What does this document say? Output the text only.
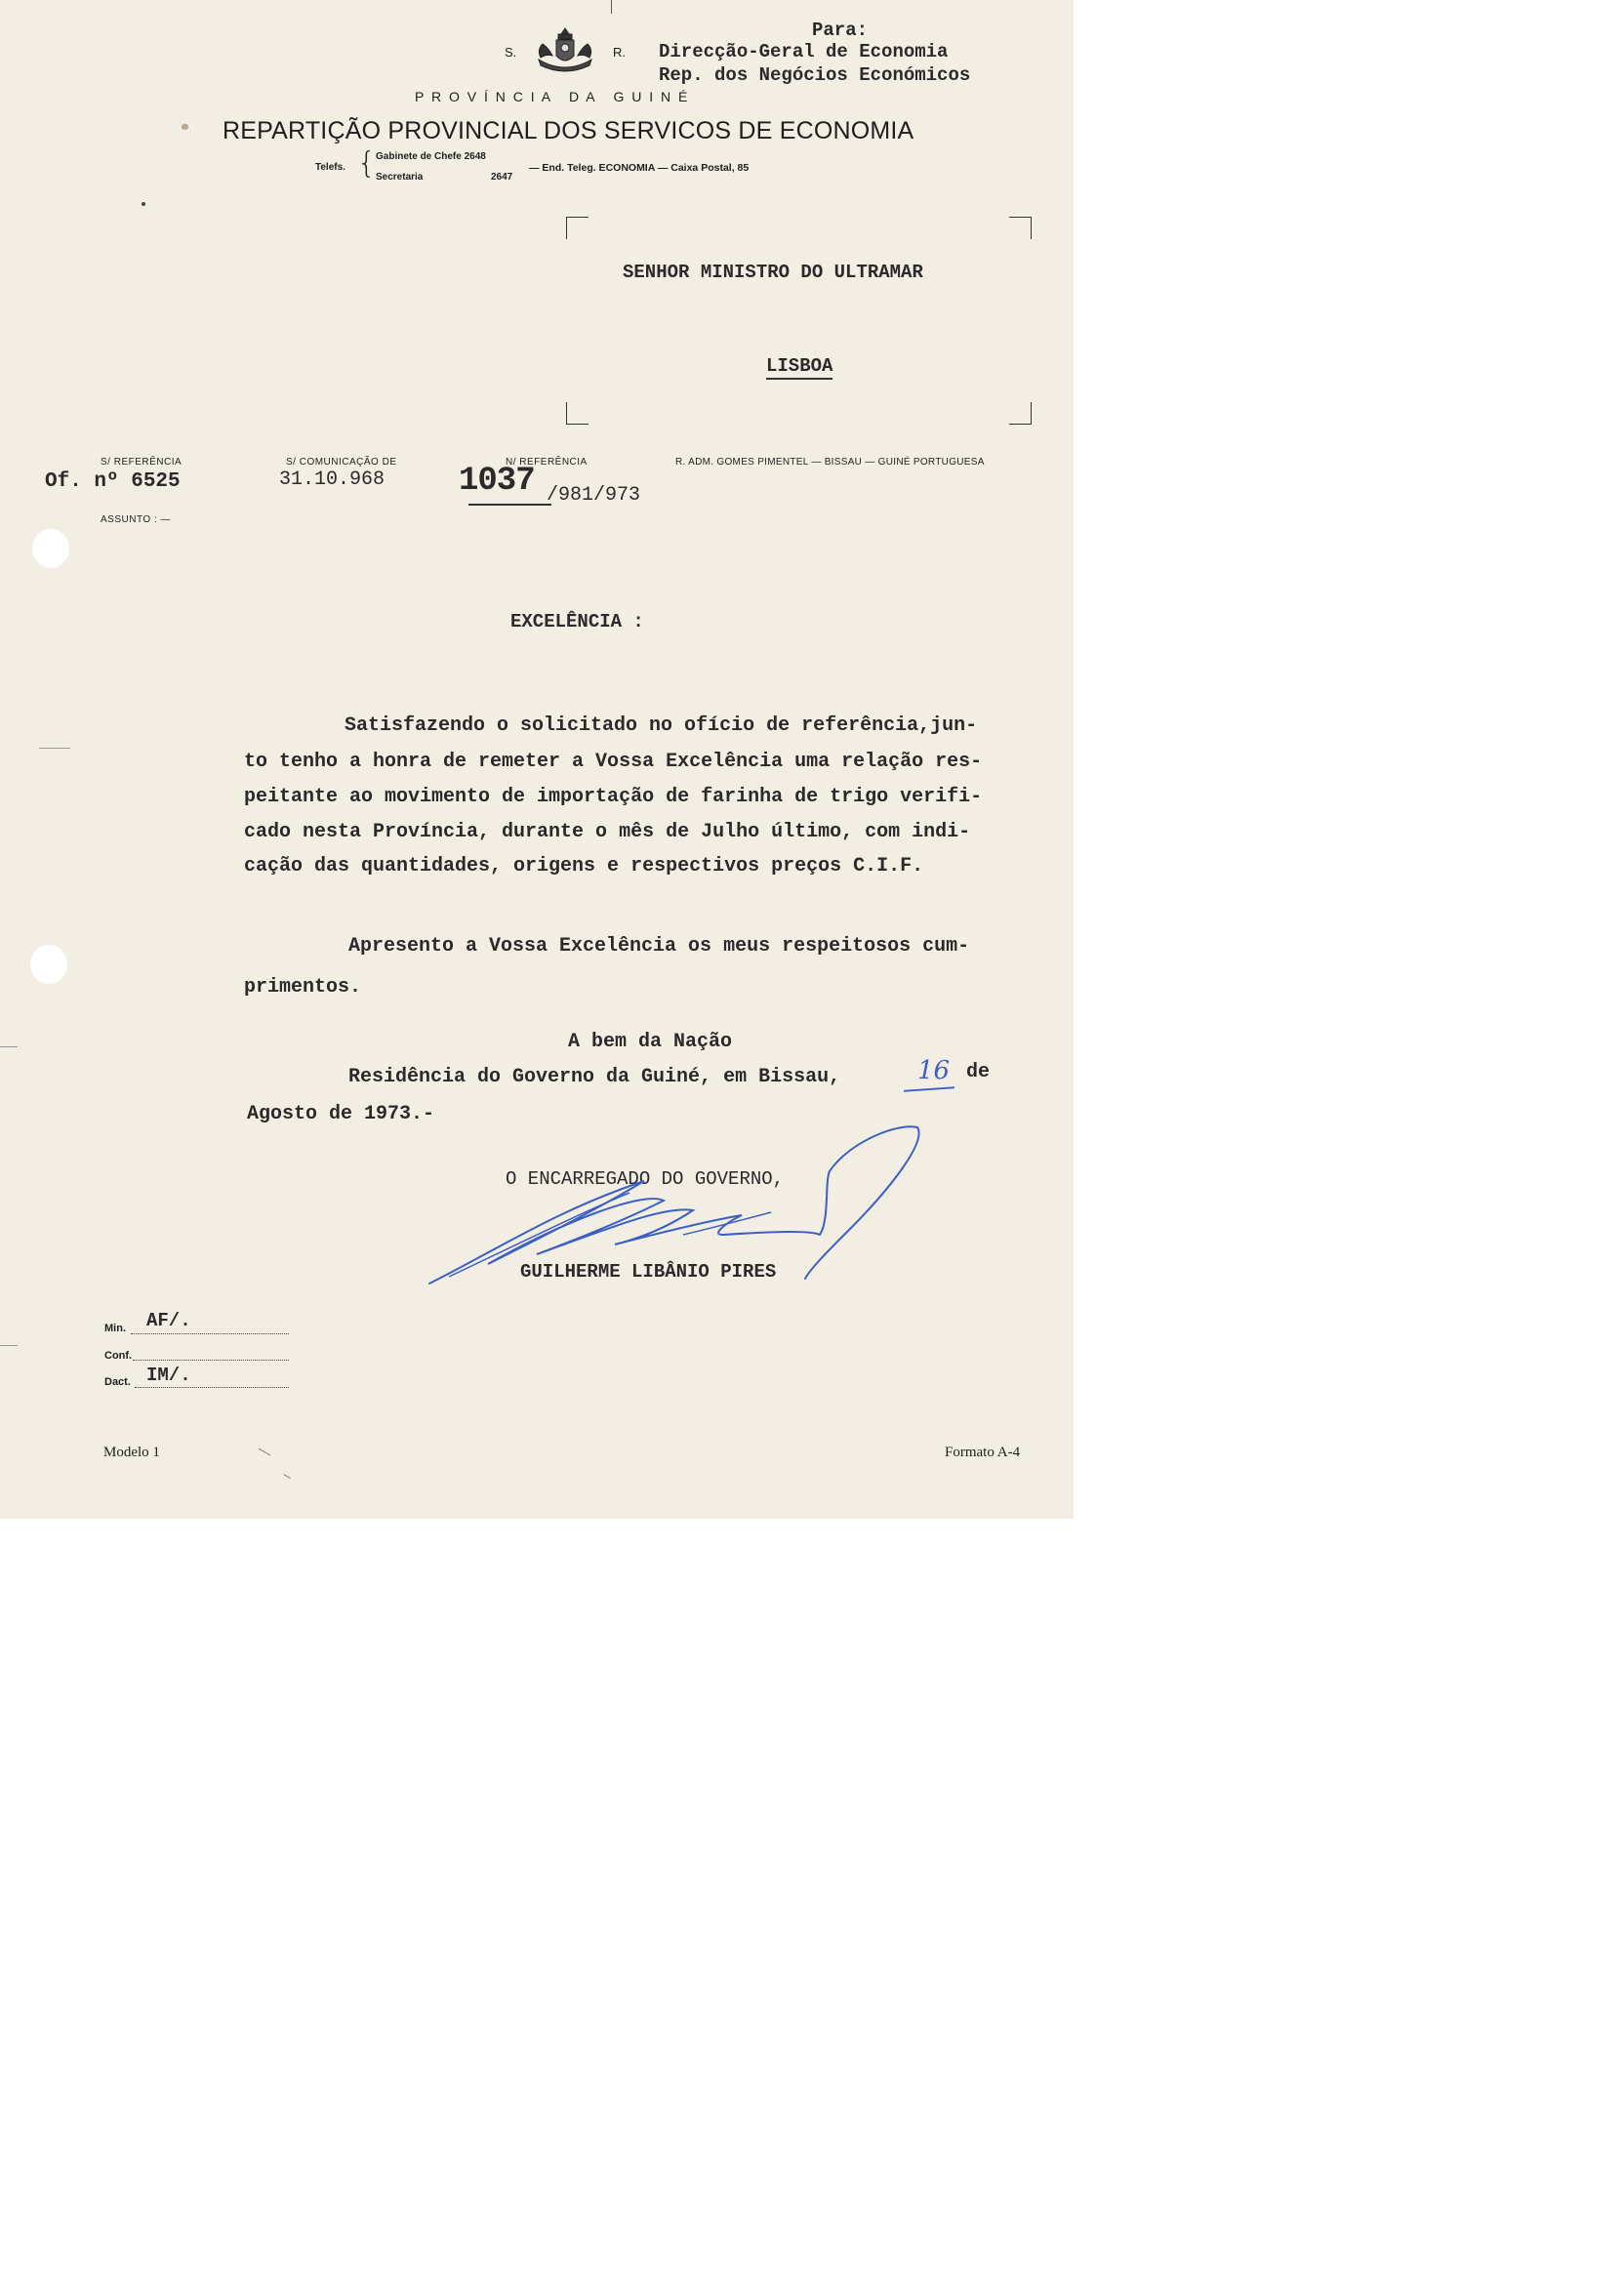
Para:
Direcção-Geral de Economia
Rep. dos Negócios Económicos
S.	R.
P R O V Í N C I A   D A   G U I N É
REPARTIÇÃO PROVINCIAL DOS SERVICOS DE ECONOMIA
Telefs. { Gabinete de Chefe 2648
Secretaria	2647
— End. Teleg. ECONOMIA — Caixa Postal, 85
SENHOR MINISTRO DO ULTRAMAR
LISBOA
S/ REFERÊNCIA	S/ COMUNICAÇÃO DE	N/ REFERÊNCIA	R. ADM. GOMES PIMENTEL — BISSAU — GUINÉ PORTUGUESA
Of. nº 6525	31.10.968 1037 /981/973
ASSUNTO : —
EXCELÊNCIA :
Satisfazendo o solicitado no ofício de referência,jun-
to tenho a honra de remeter a Vossa Excelência uma relação res-
peitante ao movimento de importação de farinha de trigo verifi-
cado nesta Província, durante o mês de Julho último, com indi-
cação das quantidades, origens e respectivos preços C.I.F.
Apresento a Vossa Excelência os meus respeitosos cum-
primentos.
A bem da Nação
Residência do Governo da Guiné, em Bissau,	16 de
Agosto de 1973.-
O ENCARREGADO DO GOVERNO,
GUILHERME LIBÂNIO PIRES
Min. AF/.
Conf.
Dact. IM/.
Modelo 1	Formato A-4
